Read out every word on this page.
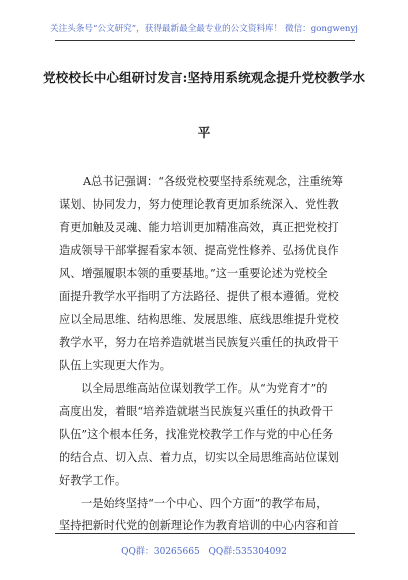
关注头条号“公文研究”，获得最新最全最专业的公文资料库！ 微信：gongwenyj
党校校长中心组研讨发言:坚持用系统观念提升党校教学水
平
A总书记强调：“各级党校要坚持系统观念，注重统筹
谋划、协同发力，努力使理论教育更加系统深入、党性教
育更加触及灵魂、能力培训更加精准高效，真正把党校打
造成领导干部掌握看家本领、提高党性修养、弘扬优良作
风、增强履职本领的重要基地。”这一重要论述为党校全
面提升教学水平指明了方法路径、提供了根本遵循。党校
应以全局思维、结构思维、发展思维、底线思维提升党校
教学水平，努力在培养造就堪当民族复兴重任的执政骨干
队伍上实现更大作为。
以全局思维高站位谋划教学工作。从“为党育才”的
高度出发，着眼“培养造就堪当民族复兴重任的执政骨干
队伍”这个根本任务，找准党校教学工作与党的中心任务
的结合点、切入点、着力点，切实以全局思维高站位谋划
好教学工作。
一是始终坚持“一个中心、四个方面”的教学布局，
坚持把新时代党的创新理论作为教育培训的中心内容和首
QQ群：30265665 QQ群:535304092
